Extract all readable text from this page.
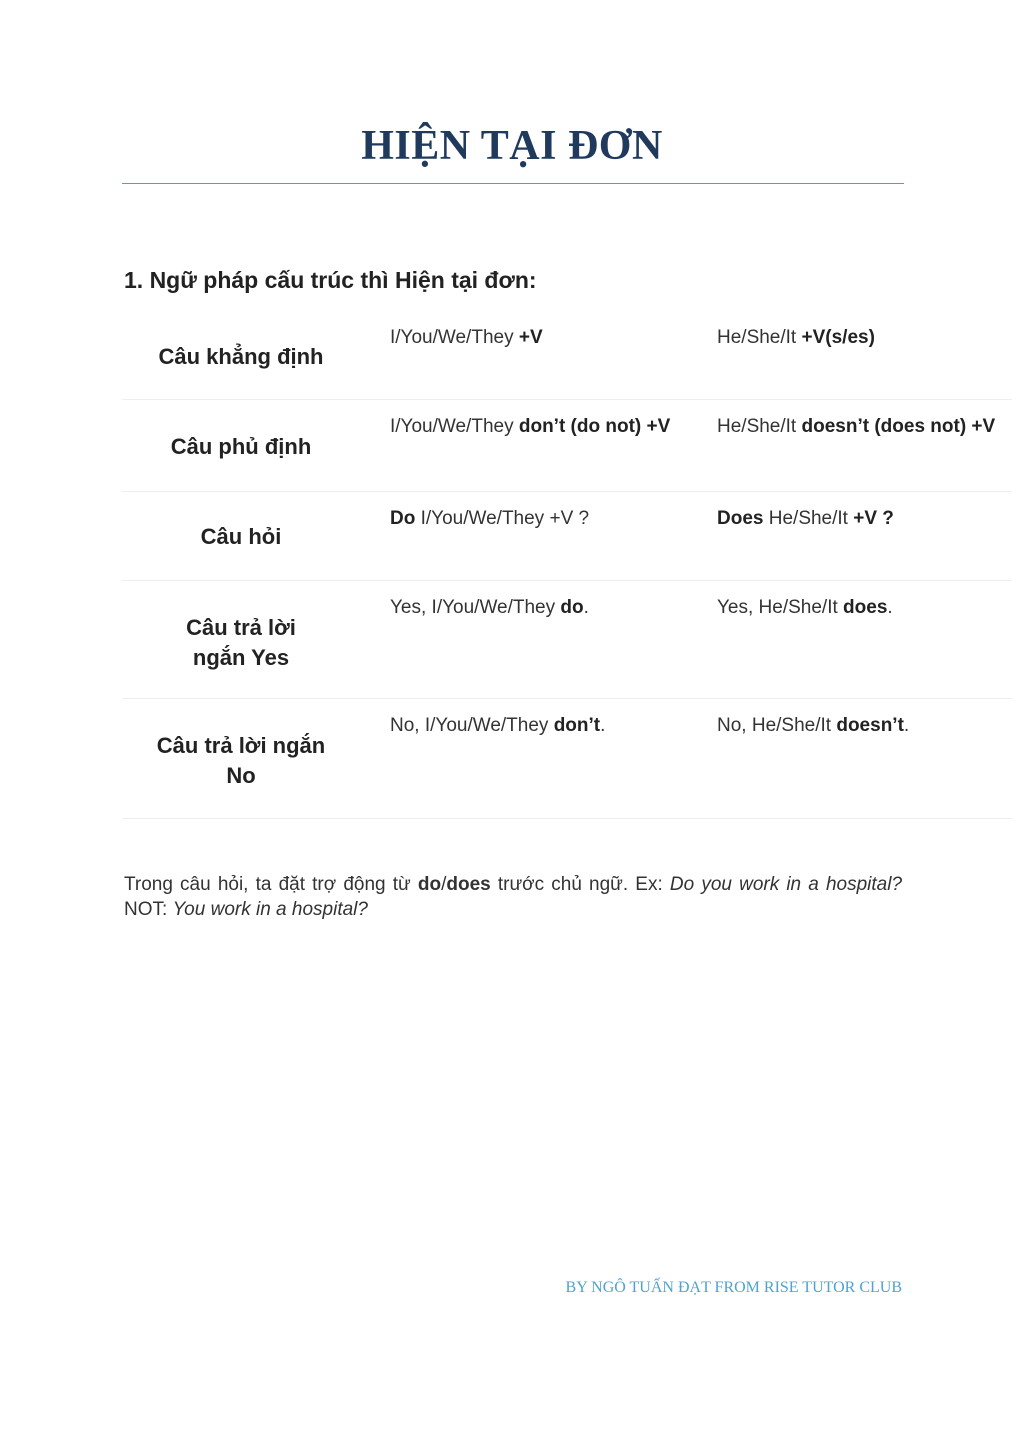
HIỆN TẠI ĐƠN
1. Ngữ pháp cấu trúc thì Hiện tại đơn:
Câu khẳng định
I/You/We/They +V	He/She/It +V(s/es)
Câu phủ định
I/You/We/They don’t (do not) +V	He/She/It doesn’t (does not) +V
Câu hỏi
Do I/You/We/They +V ?	Does He/She/It +V ?
Câu trả lời
ngắn Yes
Yes, I/You/We/They do.	Yes, He/She/It does.
Câu trả lời ngắn
No
No, I/You/We/They don’t.	No, He/She/It doesn’t.

Trong câu hỏi, ta đặt trợ động từ do/does trước chủ ngữ. Ex: Do you work in a hospital? NOT: You work in a hospital?

BY NGÔ TUẤN ĐẠT FROM RISE TUTOR CLUB
